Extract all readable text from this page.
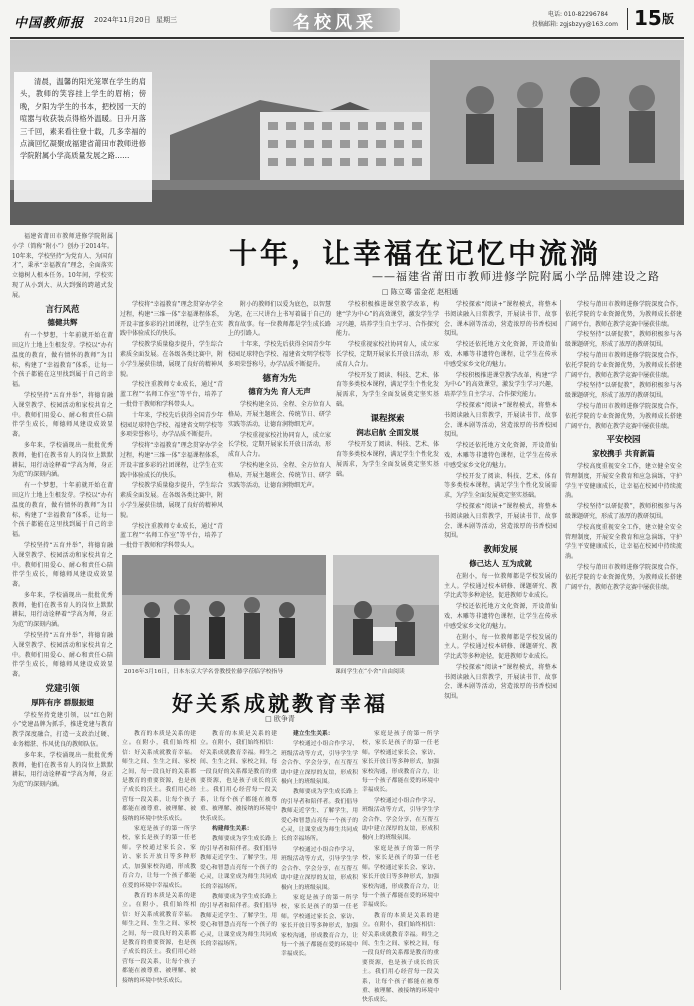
中国教师报 2024年11月20日 星期三	名校风采	电话: 010-82296784
投稿邮箱: zgjsbzyy@163.com 15 版

清晨，温馨的阳光笼罩在学生的肩头，教师的笑容挂上学生的眉梢；傍晚，夕阳为学生的书本，把校园一天的喧嚣与收获装点得格外温暖。日升月落三千回，素来看往登十载，几多幸福的点滴回忆凝聚成福建省莆田市教师进修学院附属小学高质量发展之路……

十年，让幸福在记忆中流淌
——福建省莆田市教师进修学院附属小学品牌建设之路
□ 陈立骞 雷金花 赵相通

福建省莆田市教师进修学院附属小学（简称“附小”）创办于2014年。10年来，学校坚持“为党育人、为国育才”，秉承“幸福教育”理念，全面落实立德树人根本任务。10年间，学校实现了从小到大、从大到强的跨越式发展。

言行风范
德健共辉

有一个梦想，十年前就开始在莆田这片土地上生根发芽。学校以“办有温度的教育，做有情怀的教师”为目标，构建了“幸福教育”体系，让每一个孩子都能在这里找到属于自己的幸福。

学校坚持“五育并举”，将德育融入课堂教学、校园活动和家校共育之中。教师们用爱心、耐心和责任心陪伴学生成长，师德师风建设成效显著。

多年来，学校涌现出一批批优秀教师，他们在教书育人的岗位上默默耕耘，用行动诠释着“学高为师，身正为范”的深刻内涵。

有一个梦想，十年前就开始在莆田这片土地上生根发芽。学校以“办有温度的教育，做有情怀的教师”为目标，构建了“幸福教育”体系，让每一个孩子都能在这里找到属于自己的幸福。

学校坚持“五育并举”，将德育融入课堂教学、校园活动和家校共育之中。教师们用爱心、耐心和责任心陪伴学生成长，师德师风建设成效显著。

多年来，学校涌现出一批批优秀教师，他们在教书育人的岗位上默默耕耘，用行动诠释着“学高为师，身正为范”的深刻内涵。

学校坚持“五育并举”，将德育融入课堂教学、校园活动和家校共育之中。教师们用爱心、耐心和责任心陪伴学生成长，师德师风建设成效显著。

党建引领
厚阵有序 群服振翅

学校坚持党建引领，以“红色附小”党建品牌为抓手，推进党建与教育教学深度融合，打造一支政治过硬、业务精湛、作风优良的教师队伍。

多年来，学校涌现出一批批优秀教师，他们在教书育人的岗位上默默耕耘，用行动诠释着“学高为师，身正为范”的深刻内涵。

学校将“幸福教育”理念贯穿办学全过程，构建“三维一体”幸福课程体系，开设丰富多彩的社团课程，让学生在实践中体验成长的快乐。

学校教学质量稳步提升，学生综合素质全面发展。在各级各类比赛中，附小学生屡获佳绩，展现了良好的精神风貌。

学校注重教师专业成长，通过“青蓝工程”“名师工作室”等平台，培养了一批骨干教师和学科带头人。

十年来，学校先后获得全国青少年校园足球特色学校、福建省文明学校等多项荣誉称号，办学品质不断提升。

学校将“幸福教育”理念贯穿办学全过程，构建“三维一体”幸福课程体系，开设丰富多彩的社团课程，让学生在实践中体验成长的快乐。

学校教学质量稳步提升，学生综合素质全面发展。在各级各类比赛中，附小学生屡获佳绩，展现了良好的精神风貌。

学校注重教师专业成长，通过“青蓝工程”“名师工作室”等平台，培养了一批骨干教师和学科带头人。

附小的教师们以爱为底色，以智慧为笔，在三尺讲台上书写着属于自己的教育故事。每一位教师都是学生成长路上的引路人。

十年来，学校先后获得全国青少年校园足球特色学校、福建省文明学校等多项荣誉称号，办学品质不断提升。

德育为先
德育为先 育人无声

学校构建全员、全程、全方位育人格局，开展主题班会、传统节日、研学实践等活动，让德育润物细无声。

学校重视家校社协同育人，成立家长学校，定期开展家长开放日活动，形成育人合力。

学校构建全员、全程、全方位育人格局，开展主题班会、传统节日、研学实践等活动，让德育润物细无声。

学校积极推进课堂教学改革，构建“学为中心”的高效课堂，激发学生学习兴趣，培养学生自主学习、合作探究能力。

学校重视家校社协同育人，成立家长学校，定期开展家长开放日活动，形成育人合力。

学校开发了阅读、科技、艺术、体育等多类校本课程，满足学生个性化发展需求，为学生全面发展奠定坚实基础。

课程探索
润志启航 全面发展

学校开发了阅读、科技、艺术、体育等多类校本课程，满足学生个性化发展需求，为学生全面发展奠定坚实基础。

学校探索“阅读+”课程模式，将整本书阅读融入日常教学，开展读书节、故事会、课本剧等活动，营造浓厚的书香校园氛围。

学校还依托地方文化资源，开设莆仙戏、木雕等非遗特色课程，让学生在传承中感受家乡文化的魅力。

学校积极推进课堂教学改革，构建“学为中心”的高效课堂，激发学生学习兴趣，培养学生自主学习、合作探究能力。

学校探索“阅读+”课程模式，将整本书阅读融入日常教学，开展读书节、故事会、课本剧等活动，营造浓厚的书香校园氛围。

学校还依托地方文化资源，开设莆仙戏、木雕等非遗特色课程，让学生在传承中感受家乡文化的魅力。

学校开发了阅读、科技、艺术、体育等多类校本课程，满足学生个性化发展需求，为学生全面发展奠定坚实基础。

学校探索“阅读+”课程模式，将整本书阅读融入日常教学，开展读书节、故事会、课本剧等活动，营造浓厚的书香校园氛围。

教师发展
修己达人 互为成就

在附小，每一位教师都是学校发展的主人。学校通过校本研修、课题研究、教学比武等多种途径，促进教师专业成长。

学校还依托地方文化资源，开设莆仙戏、木雕等非遗特色课程，让学生在传承中感受家乡文化的魅力。

在附小，每一位教师都是学校发展的主人。学校通过校本研修、课题研究、教学比武等多种途径，促进教师专业成长。

学校探索“阅读+”课程模式，将整本书阅读融入日常教学，开展读书节、故事会、课本剧等活动，营造浓厚的书香校园氛围。

学校与莆田市教师进修学院深度合作，依托学院的专业资源优势，为教师成长搭建广阔平台，教师在教学竞赛中屡获佳绩。

学校坚持“以研促教”，教师积极参与各级课题研究，形成了浓厚的教研氛围。

学校与莆田市教师进修学院深度合作，依托学院的专业资源优势，为教师成长搭建广阔平台，教师在教学竞赛中屡获佳绩。

学校坚持“以研促教”，教师积极参与各级课题研究，形成了浓厚的教研氛围。

学校与莆田市教师进修学院深度合作，依托学院的专业资源优势，为教师成长搭建广阔平台，教师在教学竞赛中屡获佳绩。

平安校园
家校携手 共育新篇

学校高度重视安全工作，建立健全安全管理制度，开展安全教育和应急演练，守护学生平安健康成长，让幸福在校园中持续流淌。

学校坚持“以研促教”，教师积极参与各级课题研究，形成了浓厚的教研氛围。

学校高度重视安全工作，建立健全安全管理制度，开展安全教育和应急演练，守护学生平安健康成长，让幸福在校园中持续流淌。

学校与莆田市教师进修学院深度合作，依托学院的专业资源优势，为教师成长搭建广阔平台，教师在教学竞赛中屡获佳绩。

2016年3月16日，日本东京大学名誉教授佐藤学莅临学校指导	课间学生在“小舍”自由阅读
好关系成就教育幸福
□ 欧争青

教育的本质是关系的建立。在附小，我们始终相信：好关系成就教育幸福。师生之间、生生之间、家校之间，每一段良好的关系都是教育的重要资源，也是孩子成长的沃土。我们用心经营每一段关系，让每个孩子都能在被尊重、被理解、被接纳的环境中快乐成长。

家庭是孩子的第一所学校，家长是孩子的第一任老师。学校通过家长会、家访、家长开放日等多种形式，加强家校沟通，形成教育合力，让每一个孩子都能在爱的环境中幸福成长。

教育的本质是关系的建立。在附小，我们始终相信：好关系成就教育幸福。师生之间、生生之间、家校之间，每一段良好的关系都是教育的重要资源，也是孩子成长的沃土。我们用心经营每一段关系，让每个孩子都能在被尊重、被理解、被接纳的环境中快乐成长。

教育的本质是关系的建立。在附小，我们始终相信：好关系成就教育幸福。师生之间、生生之间、家校之间，每一段良好的关系都是教育的重要资源，也是孩子成长的沃土。我们用心经营每一段关系，让每个孩子都能在被尊重、被理解、被接纳的环境中快乐成长。

构建师生关系：

教师要成为学生成长路上的引导者和陪伴者。我们倡导教师走近学生、了解学生，用爱心和智慧点亮每一个孩子的心灵，让课堂成为师生共同成长的幸福场所。

教师要成为学生成长路上的引导者和陪伴者。我们倡导教师走近学生、了解学生，用爱心和智慧点亮每一个孩子的心灵，让课堂成为师生共同成长的幸福场所。

建立生生关系：

学校通过小组合作学习、班级活动等方式，引导学生学会合作、学会分享，在互帮互助中建立深厚的友谊，形成积极向上的班级氛围。

教师要成为学生成长路上的引导者和陪伴者。我们倡导教师走近学生、了解学生，用爱心和智慧点亮每一个孩子的心灵，让课堂成为师生共同成长的幸福场所。

学校通过小组合作学习、班级活动等方式，引导学生学会合作、学会分享，在互帮互助中建立深厚的友谊，形成积极向上的班级氛围。

家庭是孩子的第一所学校，家长是孩子的第一任老师。学校通过家长会、家访、家长开放日等多种形式，加强家校沟通，形成教育合力，让每一个孩子都能在爱的环境中幸福成长。

家庭是孩子的第一所学校，家长是孩子的第一任老师。学校通过家长会、家访、家长开放日等多种形式，加强家校沟通，形成教育合力，让每一个孩子都能在爱的环境中幸福成长。

学校通过小组合作学习、班级活动等方式，引导学生学会合作、学会分享，在互帮互助中建立深厚的友谊，形成积极向上的班级氛围。

家庭是孩子的第一所学校，家长是孩子的第一任老师。学校通过家长会、家访、家长开放日等多种形式，加强家校沟通，形成教育合力，让每一个孩子都能在爱的环境中幸福成长。

教育的本质是关系的建立。在附小，我们始终相信：好关系成就教育幸福。师生之间、生生之间、家校之间，每一段良好的关系都是教育的重要资源，也是孩子成长的沃土。我们用心经营每一段关系，让每个孩子都能在被尊重、被理解、被接纳的环境中快乐成长。
